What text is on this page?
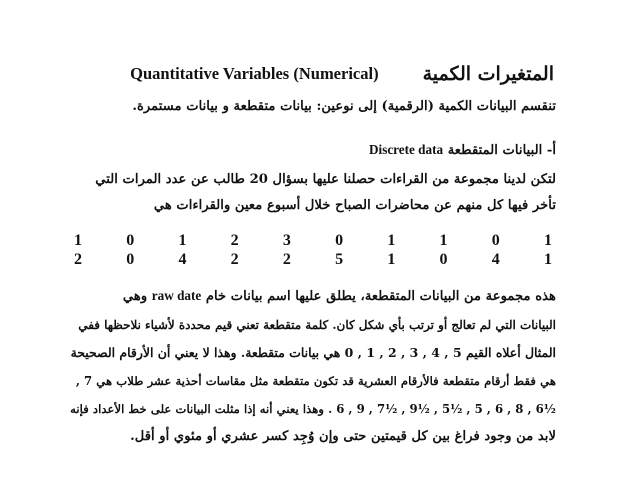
المتغيرات الكمية
Quantitative Variables (Numerical)
تنقسم البيانات الكمية (الرقمية) إلى نوعين: بيانات متقطعة و بيانات مستمرة.
أ- البيانات المتقطعة Discrete data
لتكن لدينا مجموعة من القراءات حصلنا عليها بسؤال 20 طالب عن عدد المرات التي
تأخر فيها كل منهم عن محاضرات الصباح خلال أسبوع معين والقراءات هي
1	0	1	2	3	0	1	1	0	1
2	0	4	2	2	5	1	0	4	1
هذه مجموعة من البيانات المتقطعة، يطلق عليها اسم بيانات خام raw date وهي
البيانات التي لم تعالج أو ترتب بأي شكل كان. كلمة متقطعة تعني قيم محددة لأشياء نلاحظها ففي
المثال أعلاه القيم 5 , 4 , 3 , 2 , 1 , 0 هي بيانات متقطعة. وهذا لا يعني أن الأرقام الصحيحة
هي فقط أرقام متقطعة فالأرقام العشرية قد تكون متقطعة مثل مقاسات أحذية عشر طلاب هي 7 ,
½6 , 8 , 6 , 5 , ½5 , ½9 , ½7 , 9 , 6 . وهذا يعني أنه إذا مثلت البيانات على خط الأعداد فإنه
لابد من وجود فراغ بين كل قيمتين حتى وإن وُجِد كسر عشري أو مئوي أو أقل.
